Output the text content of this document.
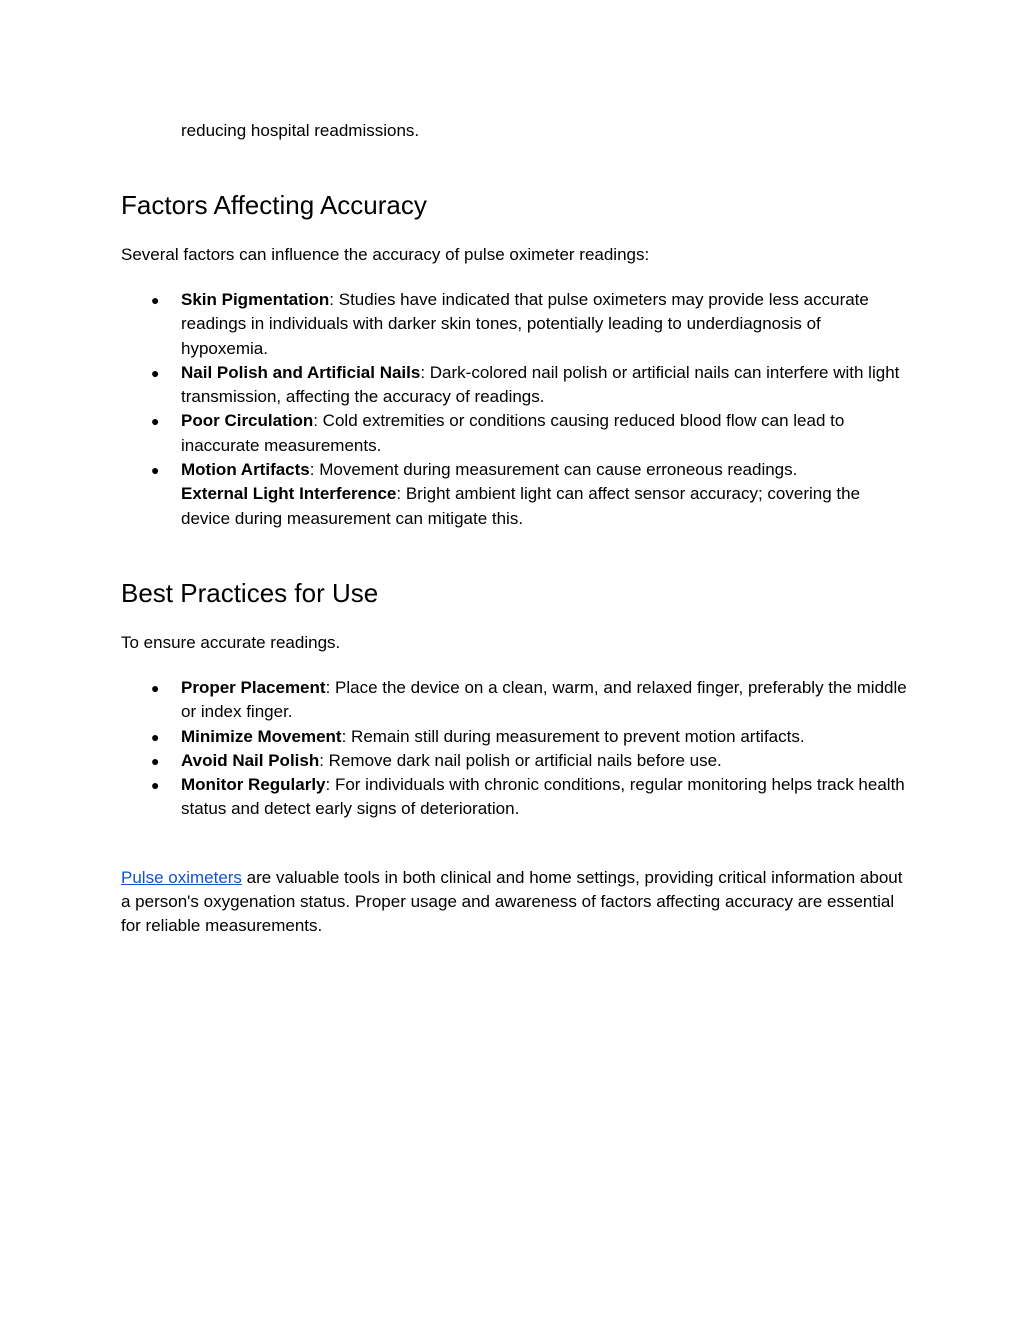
reducing hospital readmissions.

Factors Affecting Accuracy

Several factors can influence the accuracy of pulse oximeter readings:

● Skin Pigmentation: Studies have indicated that pulse oximeters may provide less accurate readings in individuals with darker skin tones, potentially leading to underdiagnosis of hypoxemia.
● Nail Polish and Artificial Nails: Dark-colored nail polish or artificial nails can interfere with light transmission, affecting the accuracy of readings.
● Poor Circulation: Cold extremities or conditions causing reduced blood flow can lead to inaccurate measurements.
● Motion Artifacts: Movement during measurement can cause erroneous readings.
External Light Interference: Bright ambient light can affect sensor accuracy; covering the device during measurement can mitigate this.
Best Practices for Use

To ensure accurate readings.

● Proper Placement: Place the device on a clean, warm, and relaxed finger, preferably the middle or index finger.
● Minimize Movement: Remain still during measurement to prevent motion artifacts.
● Avoid Nail Polish: Remove dark nail polish or artificial nails before use.
● Monitor Regularly: For individuals with chronic conditions, regular monitoring helps track health status and detect early signs of deterioration.

Pulse oximeters are valuable tools in both clinical and home settings, providing critical information about a person's oxygenation status. Proper usage and awareness of factors affecting accuracy are essential for reliable measurements.
